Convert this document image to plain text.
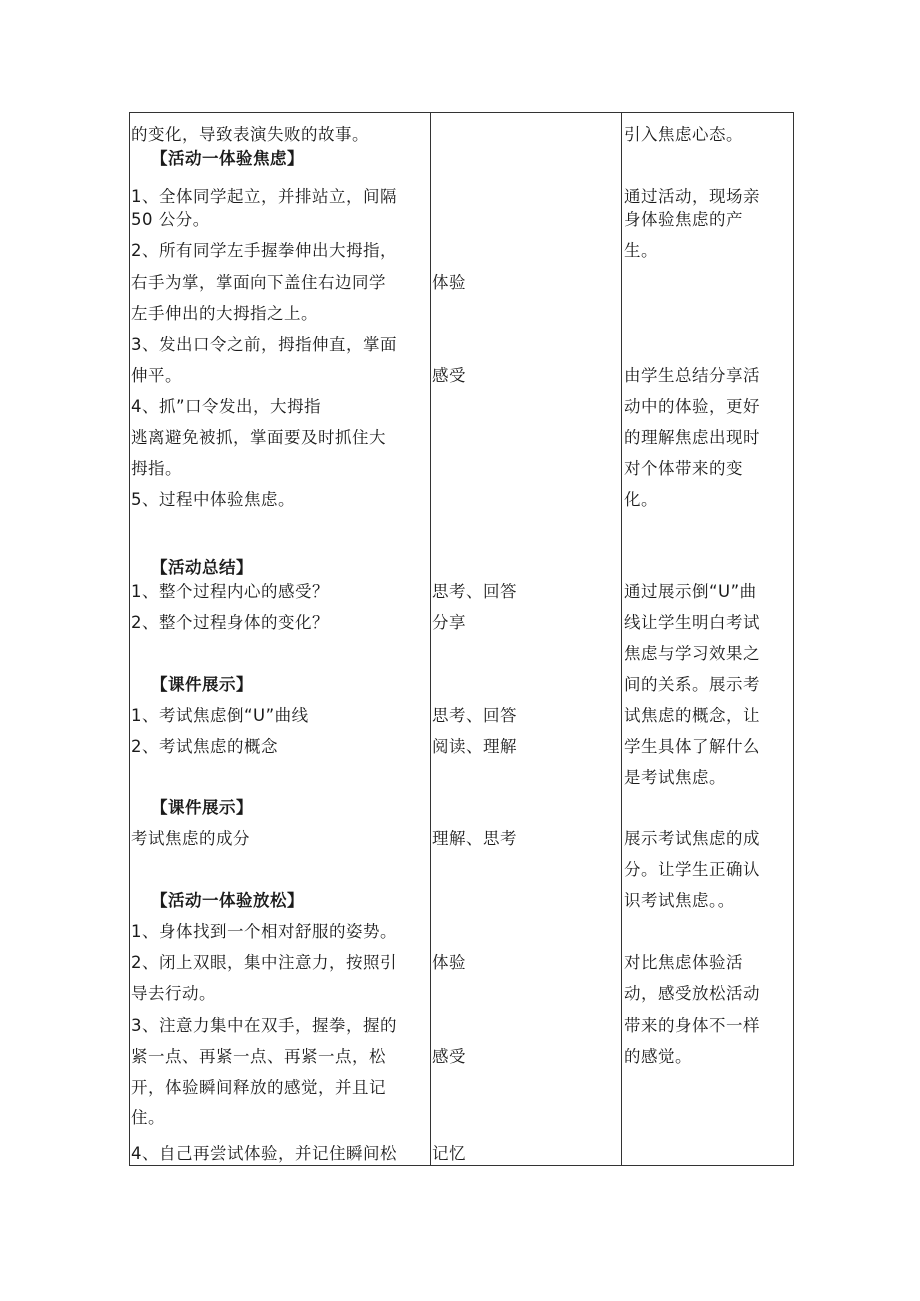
的变化，导致表演失败的故事。
【活动一体验焦虑】
1、全体同学起立，并排站立，间隔
50 公分。
2、所有同学左手握拳伸出大拇指，
右手为掌，掌面向下盖住右边同学
左手伸出的大拇指之上。
3、发出口令之前，拇指伸直，掌面
伸平。
4、抓”口令发出，大拇指
逃离避免被抓，掌面要及时抓住大
拇指。
5、过程中体验焦虑。
【活动总结】
1、整个过程内心的感受？
2、整个过程身体的变化？
【课件展示】
1、考试焦虑倒“U”曲线
2、考试焦虑的概念
【课件展示】
考试焦虑的成分
【活动一体验放松】
1、身体找到一个相对舒服的姿势。
2、闭上双眼，集中注意力，按照引
导去行动。
3、注意力集中在双手，握拳，握的
紧一点、再紧一点、再紧一点，松
开，体验瞬间释放的感觉，并且记
住。
4、自己再尝试体验，并记住瞬间松
体验
感受
思考、回答
分享
思考、回答
阅读、理解
理解、思考
体验
感受
记忆
引入焦虑心态。
通过活动，现场亲
身体验焦虑的产
生。
由学生总结分享活
动中的体验，更好
的理解焦虑出现时
对个体带来的变
化。
通过展示倒“U”曲
线让学生明白考试
焦虑与学习效果之
间的关系。展示考
试焦虑的概念，让
学生具体了解什么
是考试焦虑。
展示考试焦虑的成
分。让学生正确认
识考试焦虑。。
对比焦虑体验活
动，感受放松活动
带来的身体不一样
的感觉。
